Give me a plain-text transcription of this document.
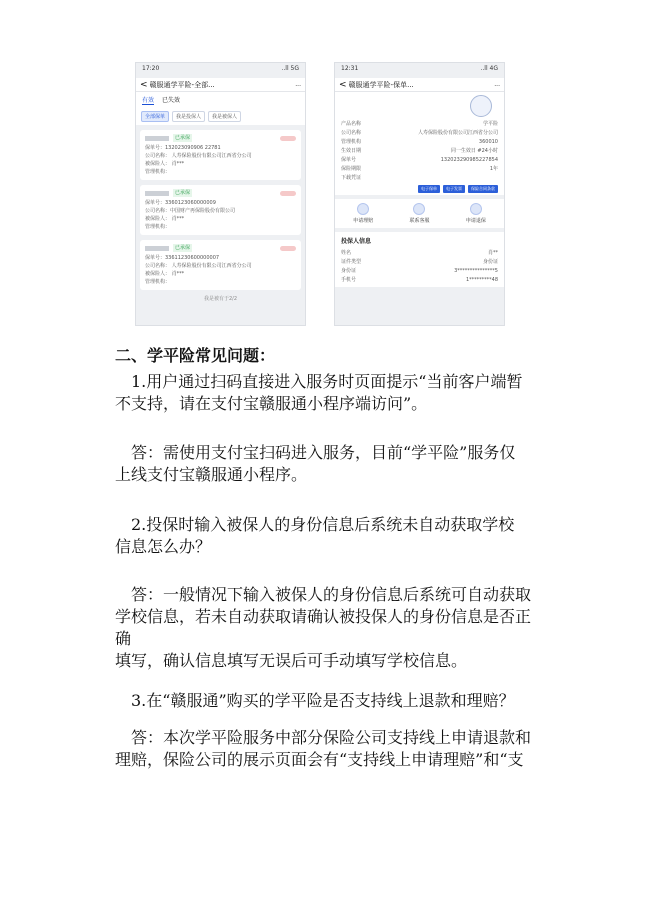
17:20	..ll 5G
< 赣服通学平险-全部...	...
有效 已失效
全部保单	我是投保人	我是被保人
已承保
保单号：132023090906 22781
公司名称： 人寿保险股份有限公司江西省分公司
被保险人： 肖***
管理机构：
已承保
保单号：3360123060000009
公司名称：中国财产再保险股份有限公司
被保险人： 肖***
管理机构：
已承保
保单号：33611230600000007
公司名称： 人寿保险股份有限公司江西省分公司
被保险人： 肖***
管理机构：
我是被有于2/2
12:31	..ll 4G
< 赣服通学平险-保单...	...
产品名称	学平险
公司名称	人寿保险股份有限公司江西省分公司
管理机构	360010
生效日期	同一生效日 #24小时
保单号	132023290985227854
保险期限	1年
下载凭证
电子保单	电子发票	保险合同条款
申请理赔	联系客服	申请退保
投保人信息
姓名	肖**
证件类型	身份证
身份证	3***************5
手机号	1*********48
二、学平险常见问题：
1.用户通过扫码直接进入服务时页面提示“当前客户端暂
不支持，请在支付宝赣服通小程序端访问”。
答：需使用支付宝扫码进入服务，目前“学平险”服务仅
上线支付宝赣服通小程序。
2.投保时输入被保人的身份信息后系统未自动获取学校
信息怎么办？
答：一般情况下输入被保人的身份信息后系统可自动获取
学校信息，若未自动获取请确认被投保人的身份信息是否正确
填写，确认信息填写无误后可手动填写学校信息。
3.在“赣服通”购买的学平险是否支持线上退款和理赔？
答：本次学平险服务中部分保险公司支持线上申请退款和
理赔，保险公司的展示页面会有“支持线上申请理赔”和“支
